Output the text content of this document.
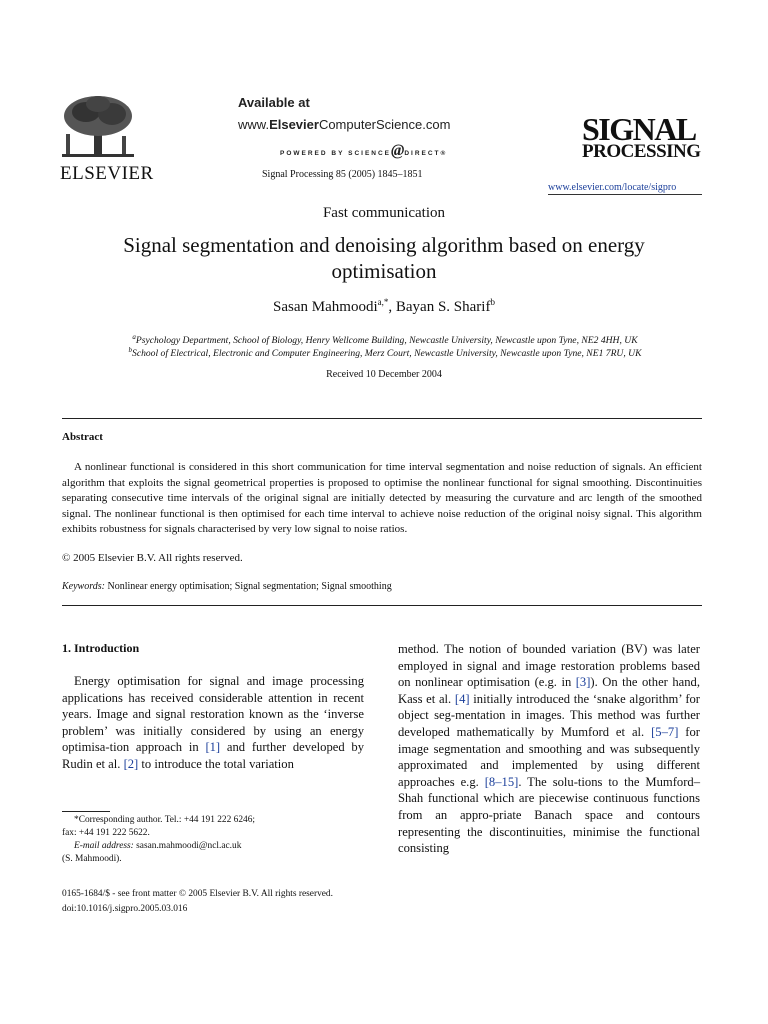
ELSEVIER
Available at
www.ElsevierComputerScience.com
POWERED BY SCIENCE@DIRECT®
Signal Processing 85 (2005) 1845–1851
SIGNAL
PROCESSING
www.elsevier.com/locate/sigpro
Fast communication
Signal segmentation and denoising algorithm based on energy optimisation
Sasan Mahmoodi$^{a,*}$, Bayan S. Sharif$^b$
$^a$Psychology Department, School of Biology, Henry Wellcome Building, Newcastle University, Newcastle upon Tyne, NE2 4HH, UK
$^b$School of Electrical, Electronic and Computer Engineering, Merz Court, Newcastle University, Newcastle upon Tyne, NE1 7RU, UK
Received 10 December 2004
Abstract

A nonlinear functional is considered in this short communication for time interval segmentation and noise reduction of signals. An efficient algorithm that exploits the signal geometrical properties is proposed to optimise the nonlinear functional for signal smoothing. Discontinuities separating consecutive time intervals of the original signal are initially detected by measuring the curvature and arc length of the smoothed signal. The nonlinear functional is then optimised for each time interval to achieve noise reduction of the original noisy signal. This algorithm exhibits robustness for signals characterised by very low signal to noise ratios.

© 2005 Elsevier B.V. All rights reserved.
Keywords: Nonlinear energy optimisation; Signal segmentation; Signal smoothing
1. Introduction

Energy optimisation for signal and image processing applications has received considerable attention in recent years. Image and signal restoration known as the ‘inverse problem’ was initially considered by using an energy optimisa-tion approach in [1] and further developed by Rudin et al. [2] to introduce the total variation

method. The notion of bounded variation (BV) was later employed in signal and image restoration problems based on nonlinear optimisation (e.g. in [3]). On the other hand, Kass et al. [4] initially introduced the ‘snake algorithm’ for object seg-mentation in images. This method was further developed mathematically by Mumford et al. [5–7] for image segmentation and smoothing and was subsequently approximated and implemented by using different approaches e.g. [8–15]. The solu-tions to the Mumford–Shah functional which are piecewise continuous functions from an appro-priate Banach space and contours representing the discontinuities, minimise the functional consisting

*Corresponding author. Tel.: +44 191 222 6246;

fax: +44 191 222 5622.

E-mail address: sasan.mahmoodi@ncl.ac.uk

(S. Mahmoodi).

0165-1684/$ - see front matter © 2005 Elsevier B.V. All rights reserved.
doi:10.1016/j.sigpro.2005.03.016
